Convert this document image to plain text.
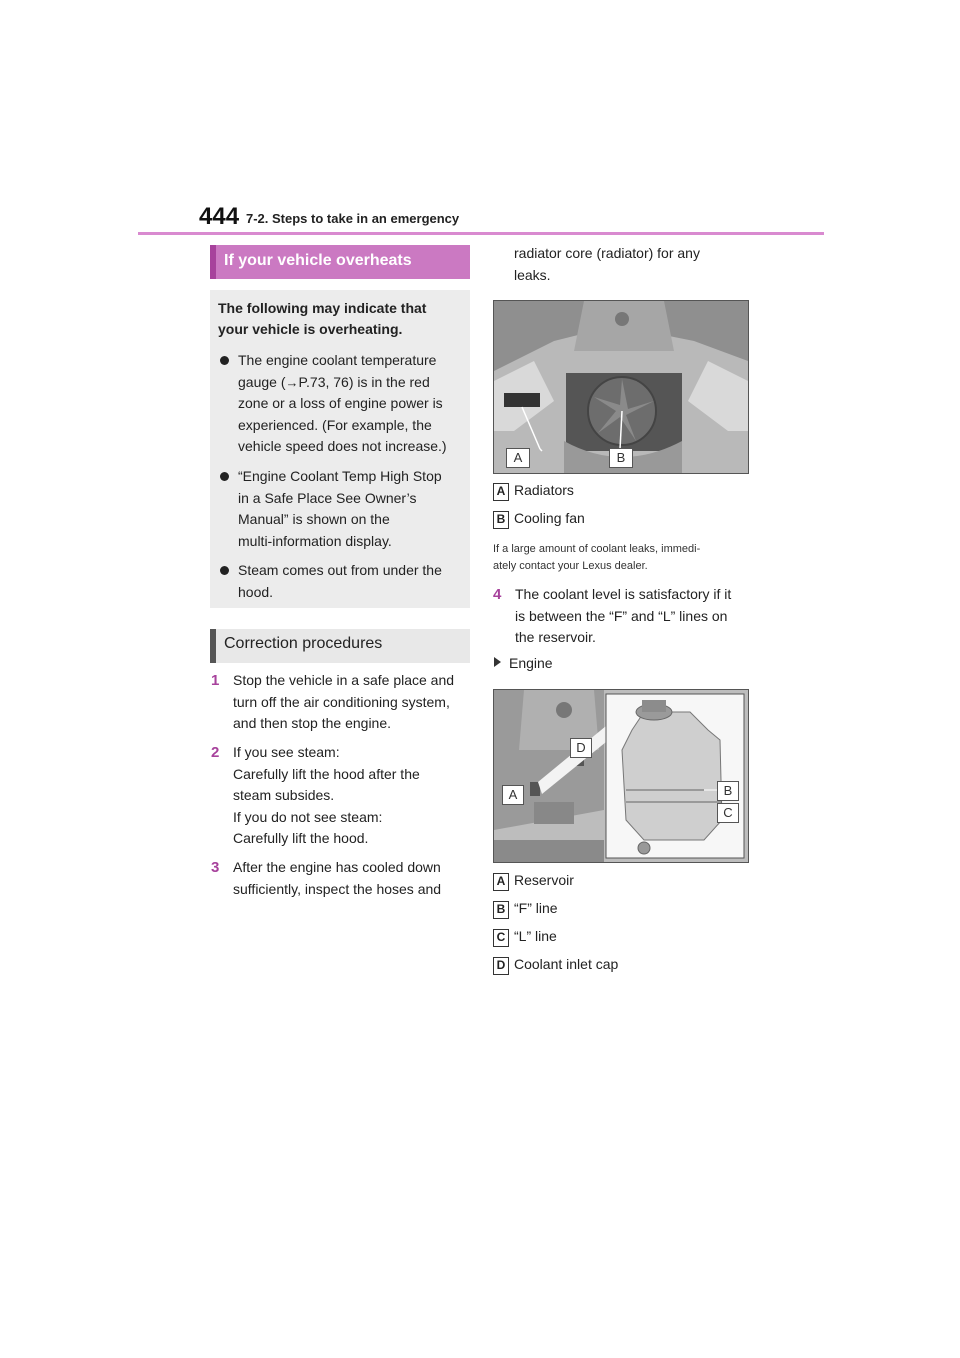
444 7-2. Steps to take in an emergency
If your vehicle overheats
The following may indicate that your vehicle is overheating.
The engine coolant temperature
gauge (→P.73, 76) is in the red
zone or a loss of engine power is
experienced. (For example, the
vehicle speed does not increase.)
“Engine Coolant Temp High Stop
in a Safe Place See Owner’s
Manual” is shown on the
multi-information display.
Steam comes out from under the
hood.
Correction procedures
1 Stop the vehicle in a safe place and
turn off the air conditioning system,
and then stop the engine.
2 If you see steam:
Carefully lift the hood after the
steam subsides.
If you do not see steam:
Carefully lift the hood.
3 After the engine has cooled down
sufficiently, inspect the hoses and
radiator core (radiator) for any
leaks.
A	B
A Radiators
B Cooling fan
If a large amount of coolant leaks, immedi-
ately contact your Lexus dealer.
4 The coolant level is satisfactory if it
is between the “F” and “L” lines on
the reservoir.
Engine
A	B
C
D
A Reservoir
B “F” line
C “L” line
D Coolant inlet cap
